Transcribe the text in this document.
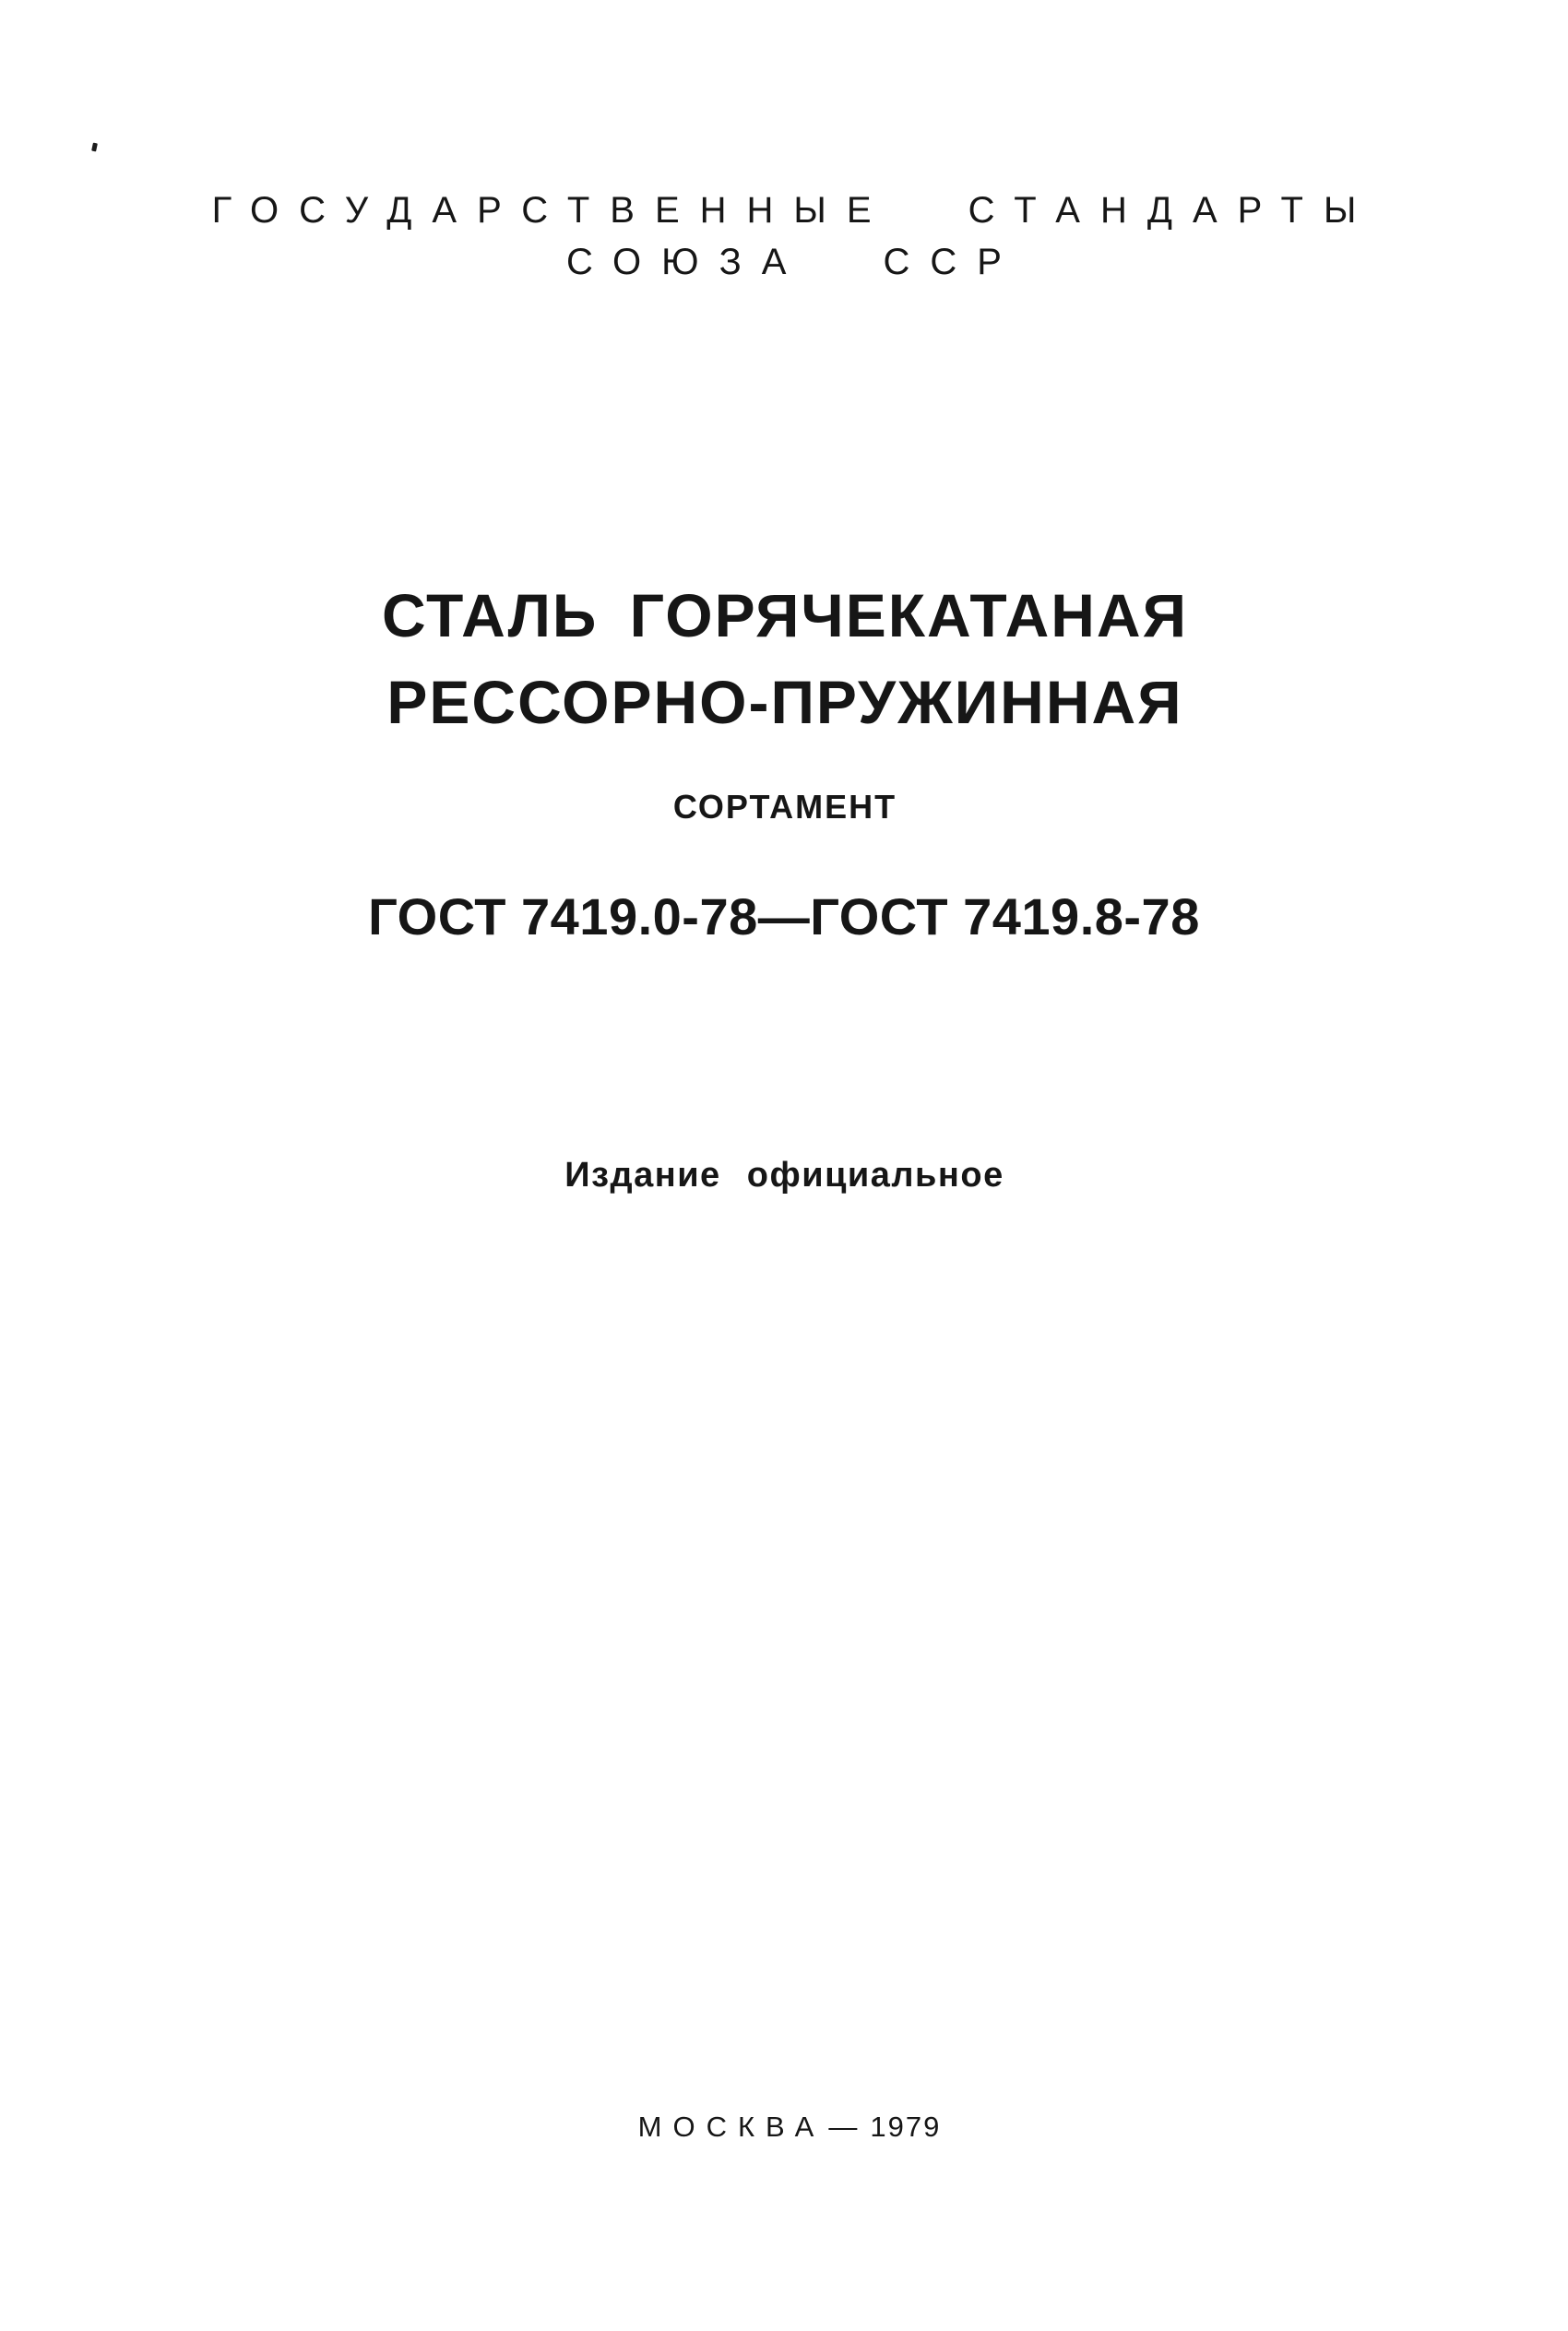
ГОСУДАРСТВЕННЫЕ СТАНДАРТЫ
СОЮЗА ССР
СТАЛЬ ГОРЯЧЕКАТАНАЯ
РЕССОРНО-ПРУЖИННАЯ
СОРТАМЕНТ
ГОСТ 7419.0-78—ГОСТ 7419.8-78
Издание официальное
МОСКВА — 1979
